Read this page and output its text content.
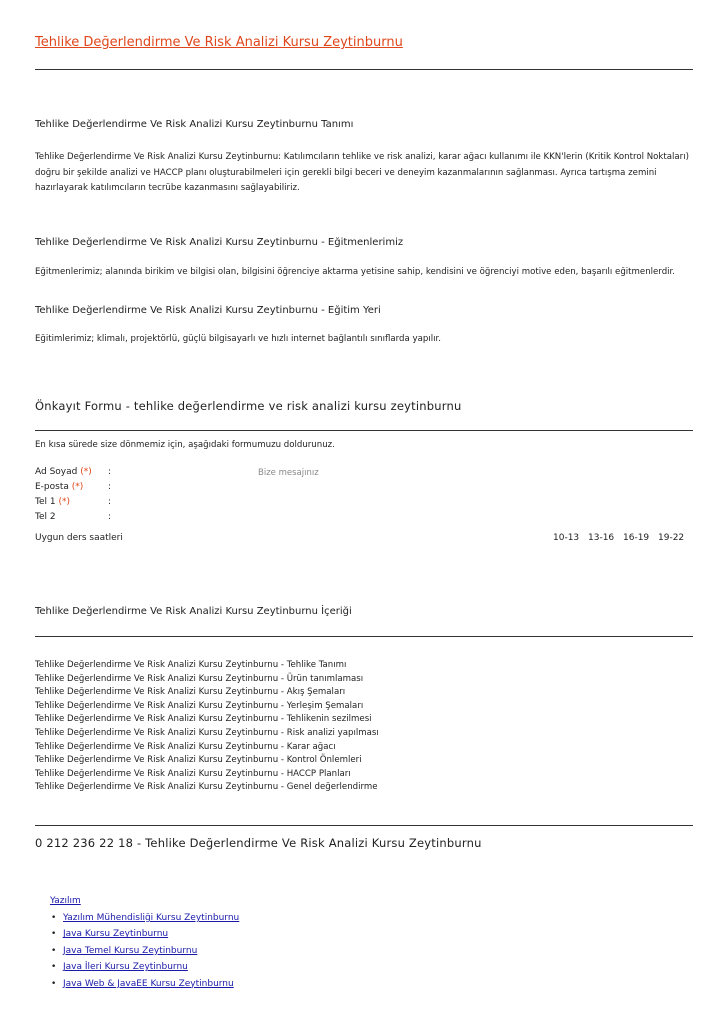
Tehlike Değerlendirme Ve Risk Analizi Kursu Zeytinburnu
Tehlike Değerlendirme Ve Risk Analizi Kursu Zeytinburnu Tanımı
Tehlike Değerlendirme Ve Risk Analizi Kursu Zeytinburnu: Katılımcıların tehlike ve risk analizi, karar ağacı kullanımı ile KKN'lerin (Kritik Kontrol Noktaları) doğru bir şekilde analizi ve HACCP planı oluşturabilmeleri için gerekli bilgi beceri ve deneyim kazanmalarının sağlanması. Ayrıca tartışma zemini hazırlayarak katılımcıların tecrübe kazanmasını sağlayabiliriz.
Tehlike Değerlendirme Ve Risk Analizi Kursu Zeytinburnu - Eğitmenlerimiz
Eğitmenlerimiz; alanında birikim ve bilgisi olan, bilgisini öğrenciye aktarma yetisine sahip, kendisini ve öğrenciyi motive eden, başarılı eğitmenlerdir.
Tehlike Değerlendirme Ve Risk Analizi Kursu Zeytinburnu - Eğitim Yeri
Eğitimlerimiz; klimalı, projektörlü, güçlü bilgisayarlı ve hızlı internet bağlantılı sınıflarda yapılır.
Önkayıt Formu - tehlike değerlendirme ve risk analizi kursu zeytinburnu
En kısa sürede size dönmemiz için, aşağıdaki formumuzu doldurunuz.
Ad Soyad (*) :	Bize mesajınız
E-posta (*)	:
Tel 1 (*)	:
Tel 2	:
Uygun ders saatleri	10-13 13-16 16-19 19-22
Tehlike Değerlendirme Ve Risk Analizi Kursu Zeytinburnu İçeriği
Tehlike Değerlendirme Ve Risk Analizi Kursu Zeytinburnu - Tehlike Tanımı
Tehlike Değerlendirme Ve Risk Analizi Kursu Zeytinburnu - Ürün tanımlaması
Tehlike Değerlendirme Ve Risk Analizi Kursu Zeytinburnu - Akış Şemaları
Tehlike Değerlendirme Ve Risk Analizi Kursu Zeytinburnu - Yerleşim Şemaları
Tehlike Değerlendirme Ve Risk Analizi Kursu Zeytinburnu - Tehlikenin sezilmesi
Tehlike Değerlendirme Ve Risk Analizi Kursu Zeytinburnu - Risk analizi yapılması
Tehlike Değerlendirme Ve Risk Analizi Kursu Zeytinburnu - Karar ağacı
Tehlike Değerlendirme Ve Risk Analizi Kursu Zeytinburnu - Kontrol Önlemleri
Tehlike Değerlendirme Ve Risk Analizi Kursu Zeytinburnu - HACCP Planları
Tehlike Değerlendirme Ve Risk Analizi Kursu Zeytinburnu - Genel değerlendirme
0 212 236 22 18 - Tehlike Değerlendirme Ve Risk Analizi Kursu Zeytinburnu
Yazılım
• Yazılım Mühendisliği Kursu Zeytinburnu
• Java Kursu Zeytinburnu
• Java Temel Kursu Zeytinburnu
• Java İleri Kursu Zeytinburnu
• Java Web & JavaEE Kursu Zeytinburnu
